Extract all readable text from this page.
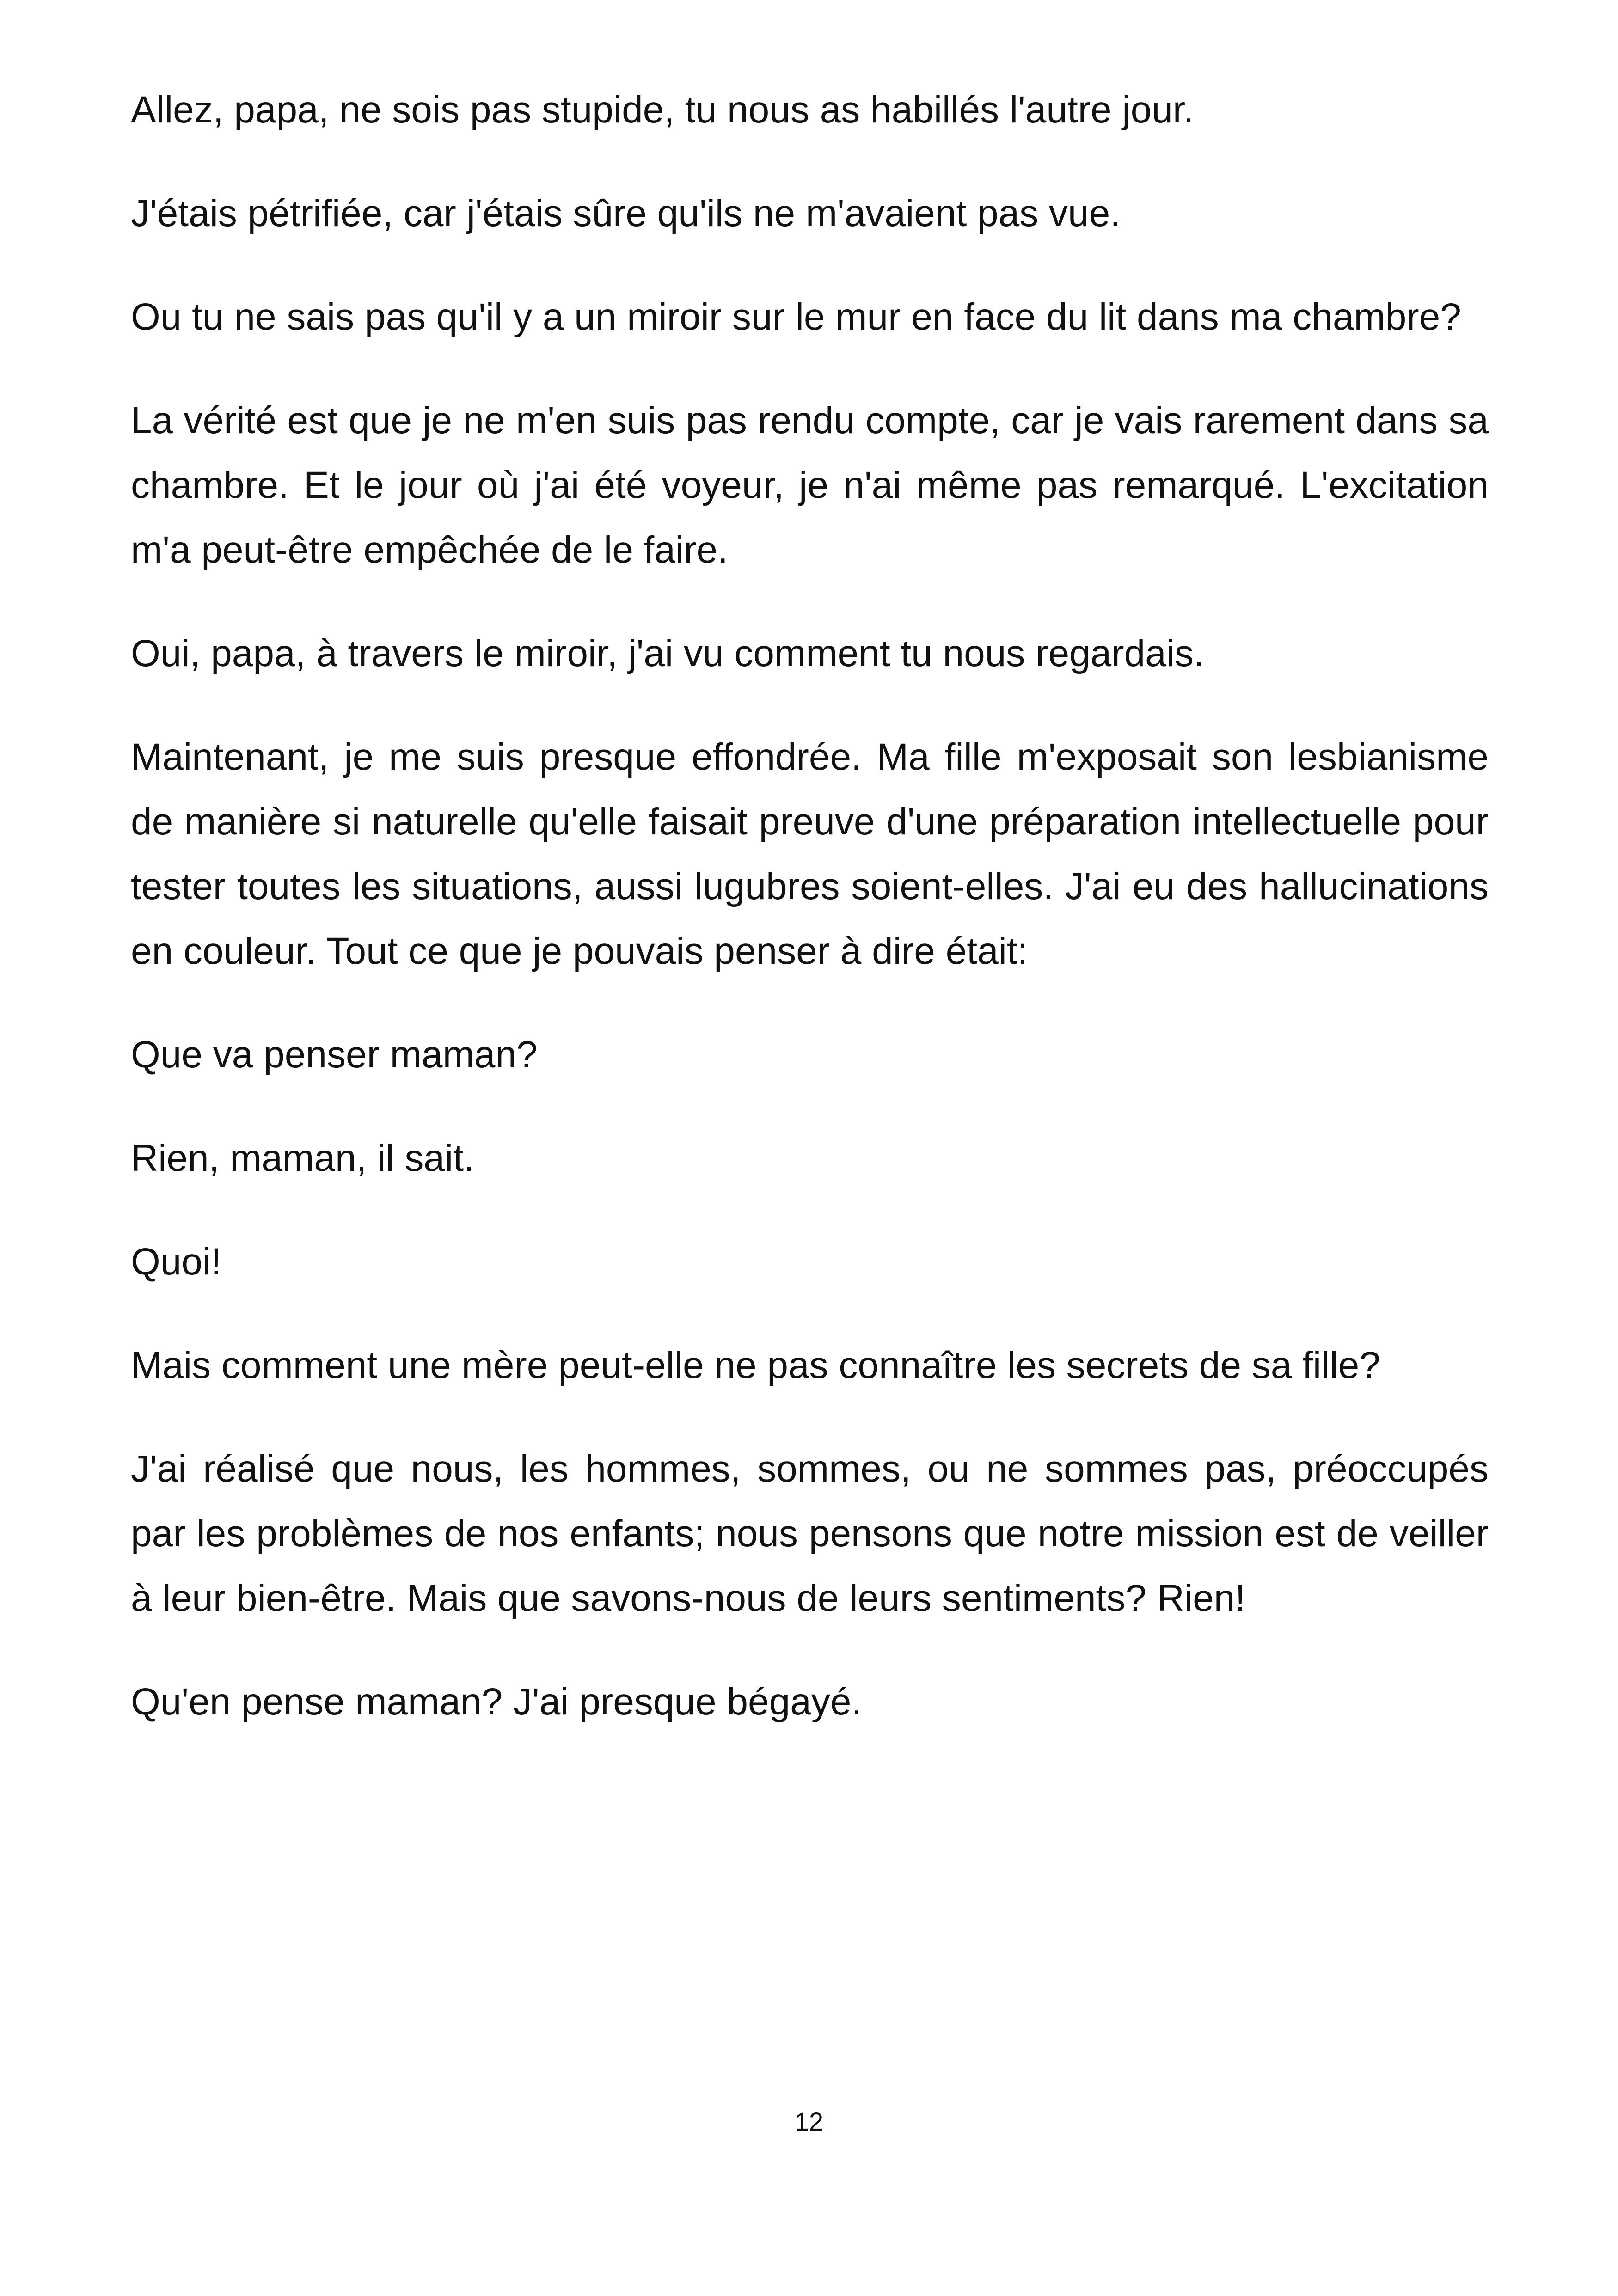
Allez, papa, ne sois pas stupide, tu nous as habillés l'autre jour.

J'étais pétrifiée, car j'étais sûre qu'ils ne m'avaient pas vue.

Ou tu ne sais pas qu'il y a un miroir sur le mur en face du lit dans ma chambre?

La vérité est que je ne m'en suis pas rendu compte, car je vais rarement dans sa chambre. Et le jour où j'ai été voyeur, je n'ai même pas remarqué. L'excitation m'a peut-être empêchée de le faire.

Oui, papa, à travers le miroir, j'ai vu comment tu nous regardais.

Maintenant, je me suis presque effondrée. Ma fille m'exposait son lesbianisme de manière si naturelle qu'elle faisait preuve d'une préparation intellectuelle pour tester toutes les situations, aussi lugubres soient-elles. J'ai eu des hallucinations en couleur. Tout ce que je pouvais penser à dire était:

Que va penser maman?

Rien, maman, il sait.

Quoi!

Mais comment une mère peut-elle ne pas connaître les secrets de sa fille?

J'ai réalisé que nous, les hommes, sommes, ou ne sommes pas, préoccupés par les problèmes de nos enfants; nous pensons que notre mission est de veiller à leur bien-être. Mais que savons-nous de leurs sentiments? Rien!

Qu'en pense maman? J'ai presque bégayé.

12
